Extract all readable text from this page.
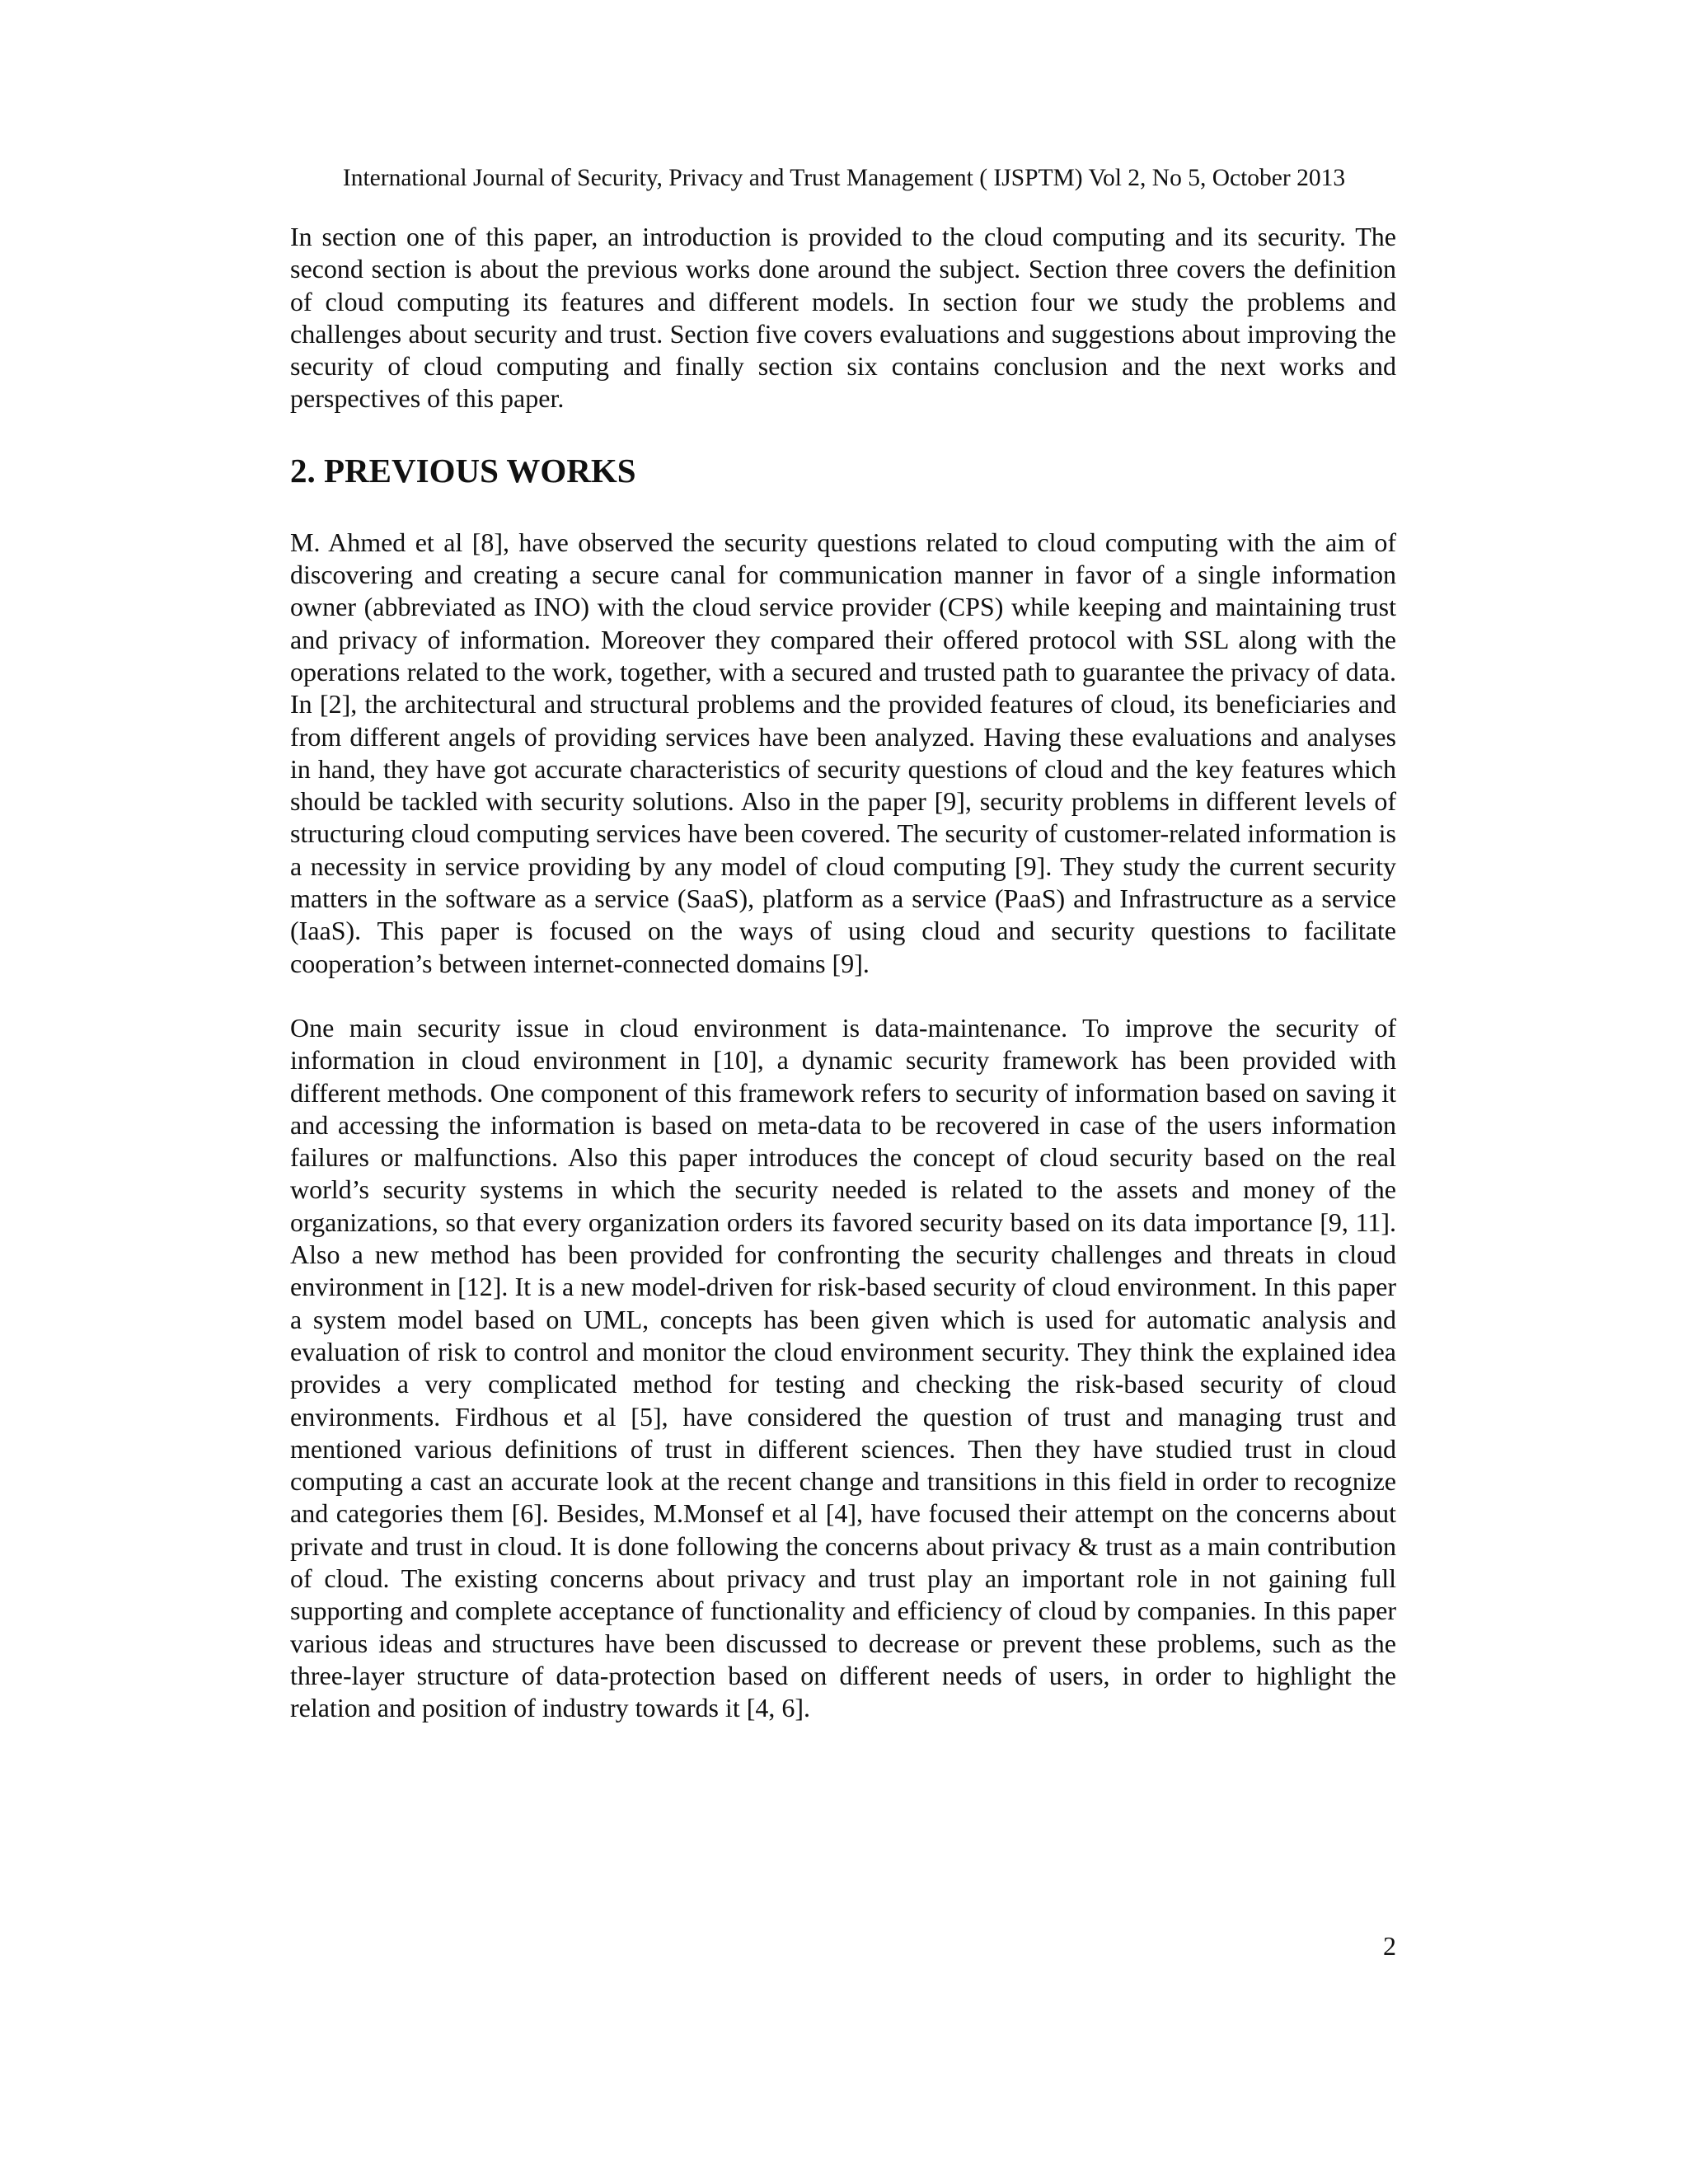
International Journal of Security, Privacy and Trust Management ( IJSPTM) Vol 2, No 5, October 2013

In section one of this paper, an introduction is provided to the cloud computing and its security. The second section is about the previous works done around the subject. Section three covers the definition of cloud computing its features and different models. In section four we study the problems and challenges about security and trust. Section five covers evaluations and suggestions about improving the security of cloud computing and finally section six contains conclusion and the next works and perspectives of this paper.

2. PREVIOUS WORKS

M. Ahmed et al [8], have observed the security questions related to cloud computing with the aim of discovering and creating a secure canal for communication manner in favor of a single information owner (abbreviated as INO) with the cloud service provider (CPS) while keeping and maintaining trust and privacy of information. Moreover they compared their offered protocol with SSL along with the operations related to the work, together, with a secured and trusted path to guarantee the privacy of data. In [2], the architectural and structural problems and the provided features of cloud, its beneficiaries and from different angels of providing services have been analyzed. Having these evaluations and analyses in hand, they have got accurate characteristics of security questions of cloud and the key features which should be tackled with security solutions. Also in the paper [9], security problems in different levels of structuring cloud computing services have been covered. The security of customer-related information is a necessity in service providing by any model of cloud computing [9]. They study the current security matters in the software as a service (SaaS), platform as a service (PaaS) and Infrastructure as a service (IaaS). This paper is focused on the ways of using cloud and security questions to facilitate cooperation’s between internet-connected domains [9].

One main security issue in cloud environment is data-maintenance. To improve the security of information in cloud environment in [10], a dynamic security framework has been provided with different methods. One component of this framework refers to security of information based on saving it and accessing the information is based on meta-data to be recovered in case of the users information failures or malfunctions. Also this paper introduces the concept of cloud security based on the real world’s security systems in which the security needed is related to the assets and money of the organizations, so that every organization orders its favored security based on its data importance [9, 11]. Also a new method has been provided for confronting the security challenges and threats in cloud environment in [12]. It is a new model-driven for risk-based security of cloud environment. In this paper a system model based on UML, concepts has been given which is used for automatic analysis and evaluation of risk to control and monitor the cloud environment security. They think the explained idea provides a very complicated method for testing and checking the risk-based security of cloud environments. Firdhous et al [5], have considered the question of trust and managing trust and mentioned various definitions of trust in different sciences. Then they have studied trust in cloud computing a cast an accurate look at the recent change and transitions in this field in order to recognize and categories them [6]. Besides, M.Monsef et al [4], have focused their attempt on the concerns about private and trust in cloud. It is done following the concerns about privacy & trust as a main contribution of cloud. The existing concerns about privacy and trust play an important role in not gaining full supporting and complete acceptance of functionality and efficiency of cloud by companies. In this paper various ideas and structures have been discussed to decrease or prevent these problems, such as the three-layer structure of data-protection based on different needs of users, in order to highlight the relation and position of industry towards it [4, 6].

2
